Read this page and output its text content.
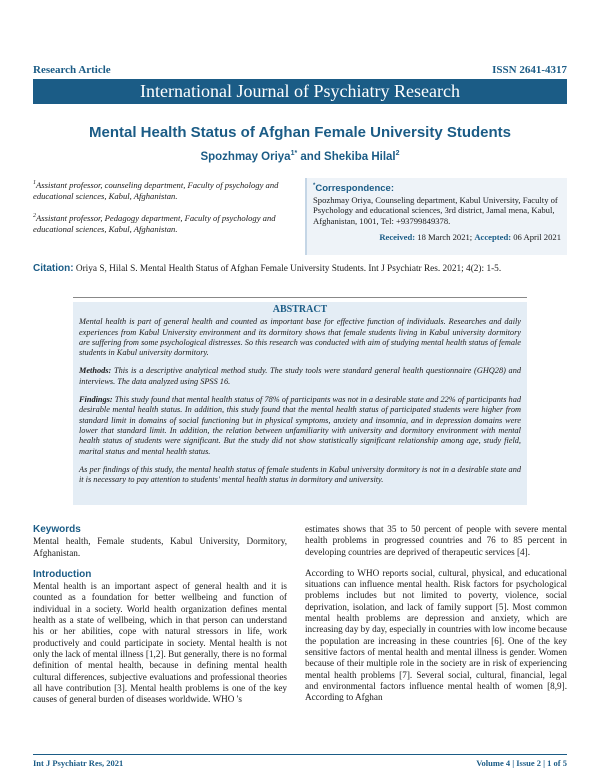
Research Article	ISSN 2641-4317
International Journal of Psychiatry Research
Mental Health Status of Afghan Female University Students
Spozhmay Oriya$^{1*}$ and Shekiba Hilal$^2$

$^1$Assistant professor, counseling department, Faculty of psychology and educational sciences, Kabul, Afghanistan.

$^2$Assistant professor, Pedagogy department, Faculty of psychology and educational sciences, Kabul, Afghanistan.

*Correspondence:
Spozhmay Oriya, Counseling department, Kabul University, Faculty of Psychology and educational sciences, 3rd district, Jamal mena, Kabul, Afghanistan, 1001, Tel: +93799849378.
Received: 18 March 2021; Accepted: 06 April 2021
Citation: Oriya S, Hilal S. Mental Health Status of Afghan Female University Students. Int J Psychiatr Res. 2021; 4(2): 1-5.
ABSTRACT

Mental health is part of general health and counted as important base for effective function of individuals. Researches and daily experiences from Kabul University environment and its dormitory shows that female students living in Kabul university dormitory are suffering from some psychological distresses. So this research was conducted with aim of studying mental health status of female students in Kabul university dormitory.

Methods: This is a descriptive analytical method study. The study tools were standard general health questionnaire (GHQ28) and interviews. The data analyzed using SPSS 16.

Findings: This study found that mental health status of 78% of participants was not in a desirable state and 22% of participants had desirable mental health status. In addition, this study found that the mental health status of participated students were higher from standard limit in domains of social functioning but in physical symptoms, anxiety and insomnia, and in depression domains were lower that standard limit. In addition, the relation between unfamiliarity with university and dormitory environment with mental health status of students were significant. But the study did not show statistically significant relationship among age, study field, marital status and mental health status.

As per findings of this study, the mental health status of female students in Kabul university dormitory is not in a desirable state and it is necessary to pay attention to students' mental health status in dormitory and university.

Keywords

Mental health, Female students, Kabul University, Dormitory, Afghanistan.

Introduction

Mental health is an important aspect of general health and it is counted as a foundation for better wellbeing and function of individual in a society. World health organization defines mental health as a state of wellbeing, which in that person can understand his or her abilities, cope with natural stressors in life, work productively and could participate in society. Mental health is not only the lack of mental illness [1,2]. But generally, there is no formal definition of mental health, because in defining mental health cultural differences, subjective evaluations and professional theories all have contribution [3]. Mental health problems is one of the key causes of general burden of diseases worldwide. WHO 's

estimates shows that 35 to 50 percent of people with severe mental health problems in progressed countries and 76 to 85 percent in developing countries are deprived of therapeutic services [4].

According to WHO reports social, cultural, physical, and educational situations can influence mental health. Risk factors for psychological problems includes but not limited to poverty, violence, social deprivation, isolation, and lack of family support [5]. Most common mental health problems are depression and anxiety, which are increasing day by day, especially in countries with low income because the population are increasing in these countries [6]. One of the key sensitive factors of mental health and mental illness is gender. Women because of their multiple role in the society are in risk of experiencing mental health problems [7]. Several social, cultural, financial, legal and environmental factors influence mental health of women [8,9]. According to Afghan

Int J Psychiatr Res, 2021	Volume 4 | Issue 2 | 1 of 5
